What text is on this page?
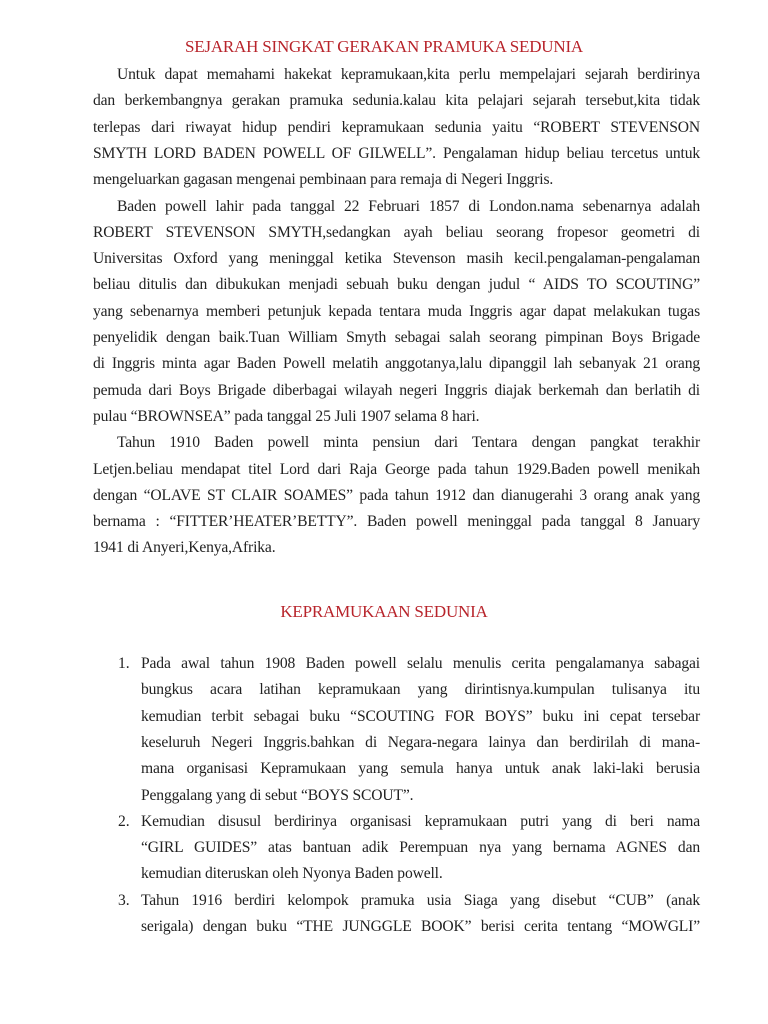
SEJARAH SINGKAT GERAKAN PRAMUKA SEDUNIA
KEPRAMUKAAN SEDUNIA
Untuk dapat memahami hakekat kepramukaan,kita perlu mempelajari sejarah berdirinya
dan berkembangnya gerakan pramuka sedunia.kalau kita pelajari sejarah tersebut,kita tidak
terlepas dari riwayat hidup pendiri kepramukaan sedunia yaitu “ROBERT STEVENSON
SMYTH LORD BADEN POWELL OF GILWELL”. Pengalaman hidup beliau tercetus untuk
mengeluarkan gagasan mengenai pembinaan para remaja di Negeri Inggris.
Baden powell lahir pada tanggal 22 Februari 1857 di London.nama sebenarnya adalah
ROBERT STEVENSON SMYTH,sedangkan ayah beliau seorang fropesor geometri di
Universitas Oxford yang meninggal ketika Stevenson masih kecil.pengalaman-pengalaman
beliau ditulis dan dibukukan menjadi sebuah buku dengan judul “ AIDS TO SCOUTING”
yang sebenarnya memberi petunjuk kepada tentara muda Inggris agar dapat melakukan tugas
penyelidik dengan baik.Tuan William Smyth sebagai salah seorang pimpinan Boys Brigade
di Inggris minta agar Baden Powell melatih anggotanya,lalu dipanggil lah sebanyak 21 orang
pemuda dari Boys Brigade diberbagai wilayah negeri Inggris diajak berkemah dan berlatih di
pulau “BROWNSEA” pada tanggal 25 Juli 1907 selama 8 hari.
Tahun 1910 Baden powell minta pensiun dari Tentara dengan pangkat terakhir
Letjen.beliau mendapat titel Lord dari Raja George pada tahun 1929.Baden powell menikah
dengan “OLAVE ST CLAIR SOAMES” pada tahun 1912 dan dianugerahi 3 orang anak yang
bernama : “FITTER’HEATER’BETTY”. Baden powell meninggal pada tanggal 8 January
1941 di Anyeri,Kenya,Afrika.
1. Pada awal tahun 1908 Baden powell selalu menulis cerita pengalamanya sabagai
bungkus acara latihan kepramukaan yang dirintisnya.kumpulan tulisanya itu
kemudian terbit sebagai buku “SCOUTING FOR BOYS” buku ini cepat tersebar
keseluruh Negeri Inggris.bahkan di Negara-negara lainya dan berdirilah di mana-
mana organisasi Kepramukaan yang semula hanya untuk anak laki-laki berusia
Penggalang yang di sebut “BOYS SCOUT”.
2. Kemudian disusul berdirinya organisasi kepramukaan putri yang di beri nama
“GIRL GUIDES” atas bantuan adik Perempuan nya yang bernama AGNES dan
kemudian diteruskan oleh Nyonya Baden powell.
3. Tahun 1916 berdiri kelompok pramuka usia Siaga yang disebut “CUB” (anak
serigala) dengan buku “THE JUNGGLE BOOK” berisi cerita tentang “MOWGLI”
